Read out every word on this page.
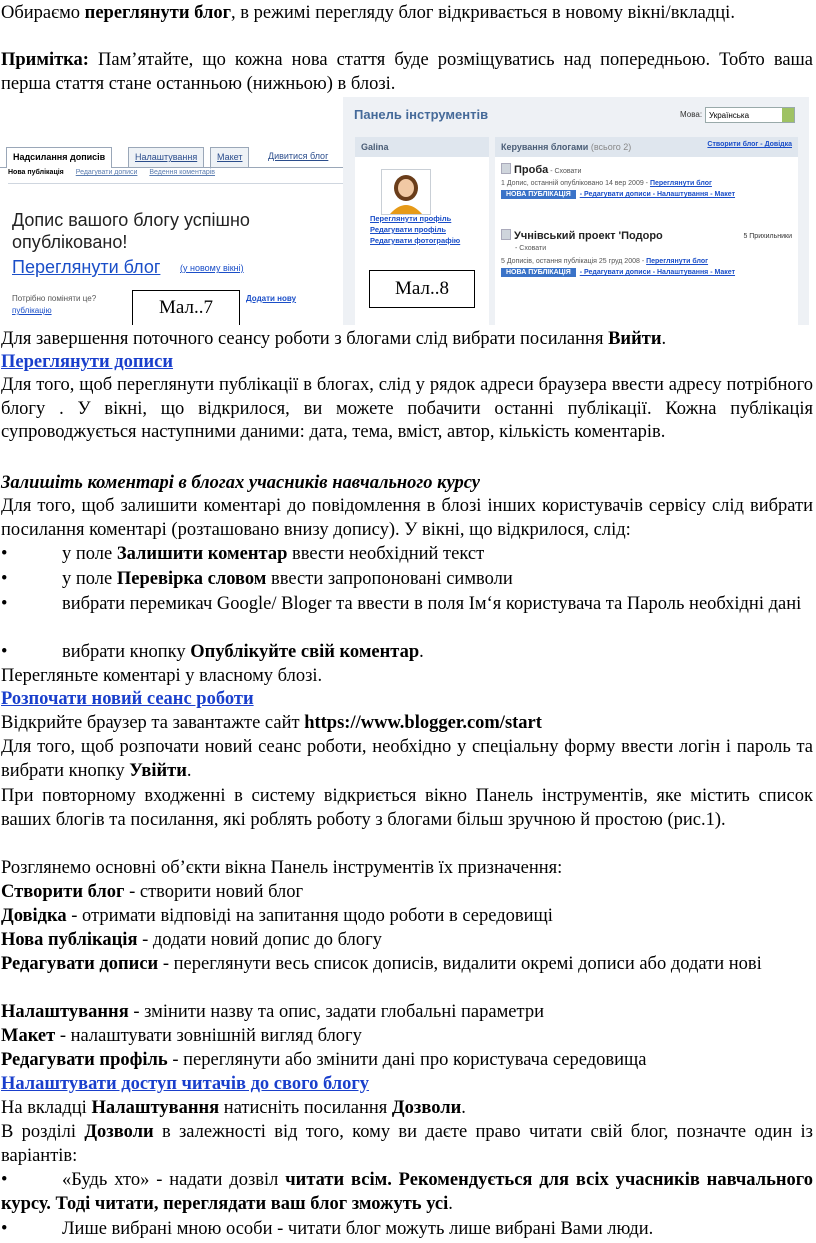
Обираємо переглянути блог, в режимі перегляду блог відкривається в новому вікні/вкладці.

Примітка: Пам’ятайте, що кожна нова стаття буде розміщуватись над попередньою. Тобто ваша перша стаття стане останньою (нижньою) в блозі.

Надсилання дописів	Налаштування	Макет	Дивитися блог
Нова публікація Редагувати дописи Ведення коментарів
Допис вашого блогу успішно
опубліковано!
Переглянути блог (у новому вікні)
Потрібно поміняти це?
публікацію
Додати нову
Мал..7
Панель інструментів	Мова: Українська
Galina
Переглянути профіль
Редагувати профіль
Редагувати фотографію
Керування блогами (всього 2)	Створити блог - Довідка
Проба - Сховати
1 Допис, останній опубліковано 14 вер 2009 - Переглянути блог
НОВА ПУБЛІКАЦІЯ - Редагувати дописи - Налаштування - Макет
Учнівський проект 'Подоро
- Сховати
5 Дописів, остання публікація 25 груд 2008 - Переглянути блог
НОВА ПУБЛІКАЦІЯ - Редагувати дописи - Налаштування - Макет
5 Прихильники
Мал..8

Для завершення поточного сеансу роботи з блогами слід вибрати посилання Вийти.

Переглянути дописи

Для того, щоб переглянути публікації в блогах, слід у рядок адреси браузера ввести адресу потрібного блогу . У вікні, що відкрилося, ви можете побачити останні публікації. Кожна публікація супроводжується наступними даними: дата, тема, вміст, автор, кількість коментарів.

Залишіть коментарі в блогах учасників навчального курсу

Для того, щоб залишити коментарі до повідомлення в блозі інших користувачів сервісу слід вибрати посилання коментарі (розташовано внизу допису). У вікні, що відкрилося, слід:

•	у поле Залишити коментар ввести необхідний текст
•	у поле Перевірка словом ввести запропоновані символи
•	вибрати перемикач Google/ Bloger та ввести в поля Ім‘я користувача та Пароль необхідні дані
•	вибрати кнопку Опублікуйте свій коментар.

Перегляньте коментарі у власному блозі.

Розпочати новий сеанс роботи

Відкрийте браузер та завантажте сайт https://www.blogger.com/start

Для того, щоб розпочати новий сеанс роботи, необхідно у спеціальну форму ввести логін і пароль та вибрати кнопку Увійти.

При повторному входженні в систему відкриється вікно Панель інструментів, яке містить список ваших блогів та посилання, які роблять роботу з блогами більш зручною й простою (рис.1).

Розглянемо основні об’єкти вікна Панель інструментів їх призначення:

Створити блог - створити новий блог

Довідка - отримати відповіді на запитання щодо роботи в середовищі

Нова публікація - додати новий допис до блогу

Редагувати дописи - переглянути весь список дописів, видалити окремі дописи або додати нові

Налаштування - змінити назву та опис, задати глобальні параметри

Макет - налаштувати зовнішній вигляд блогу

Редагувати профіль - переглянути або змінити дані про користувача середовища

Налаштувати доступ читачів до свого блогу

На вкладці Налаштування натисніть посилання Дозволи.

В розділі Дозволи в залежності від того, кому ви даєте право читати свій блог, позначте один із варіантів:

•	«Будь хто» - надати дозвіл читати всім. Рекомендується для всіх учасників навчального курсу. Тоді читати, переглядати ваш блог зможуть усі.
•	Лише вибрані мною особи - читати блог можуть лише вибрані Вами люди.
